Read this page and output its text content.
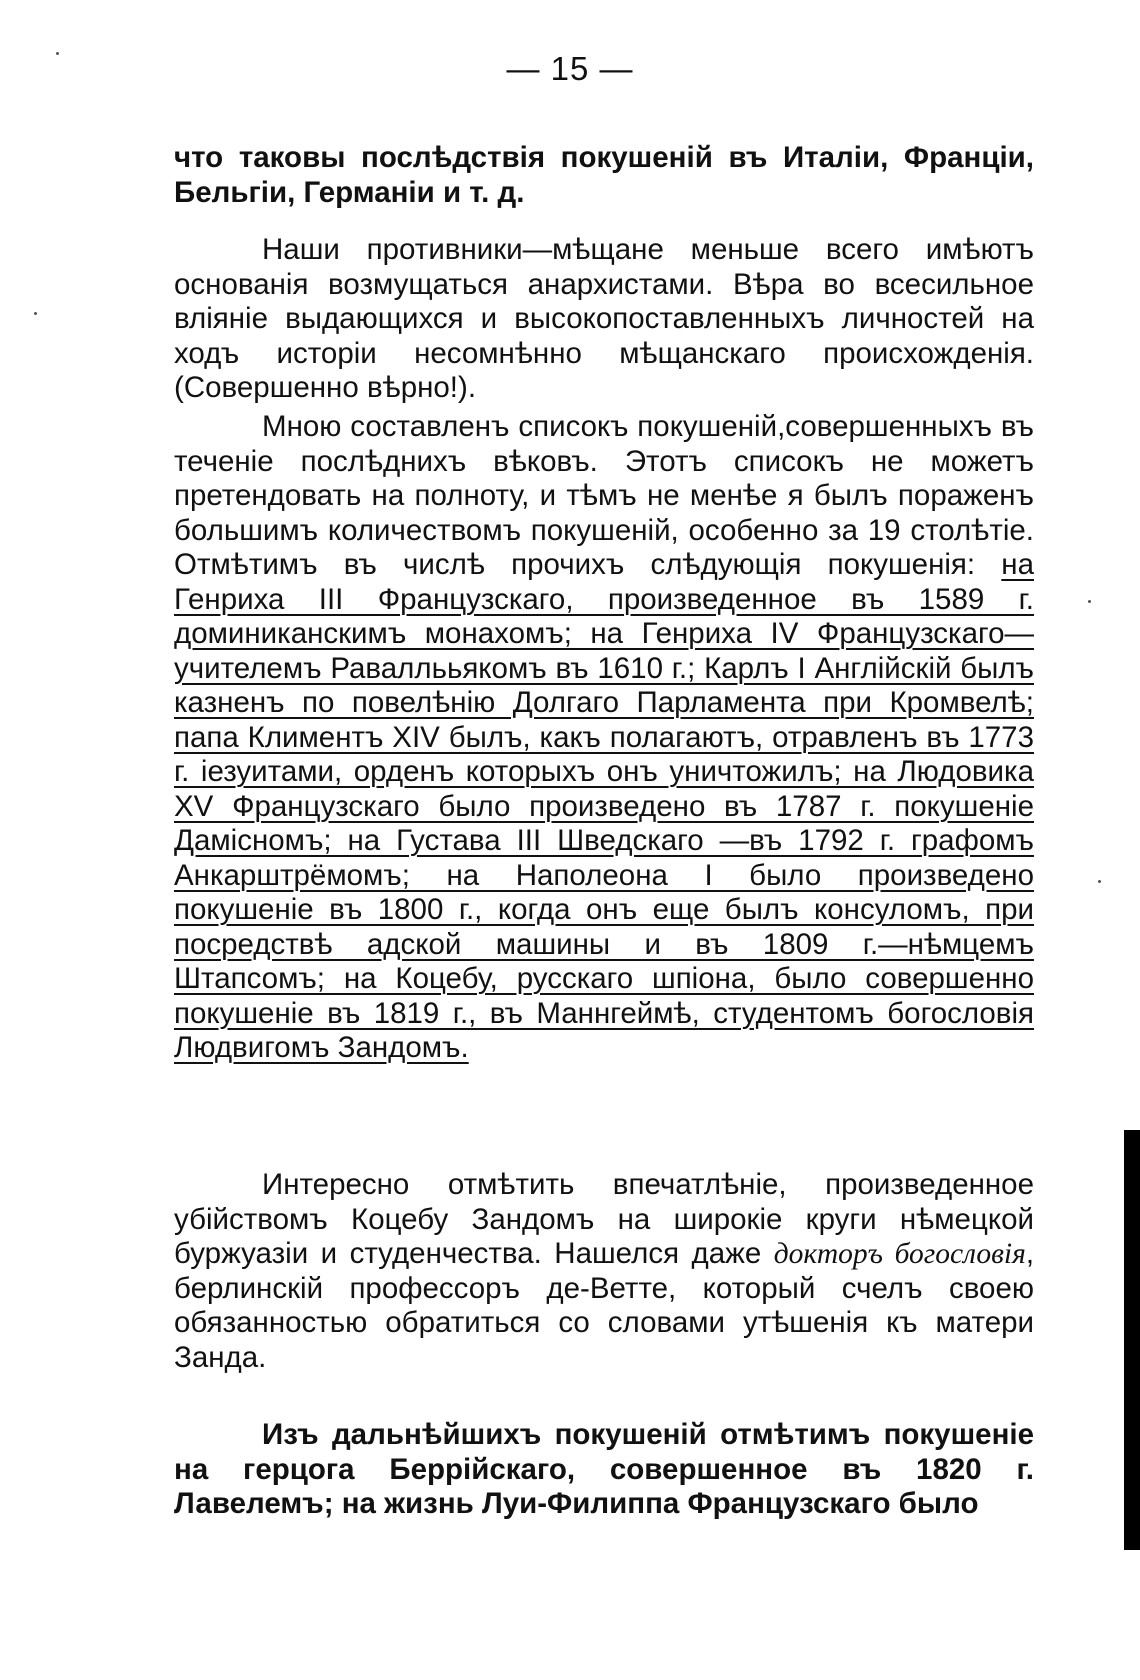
— 15 —

что таковы послѣдствія покушеній въ Италіи, Франціи, Бельгіи, Германіи и т. д.

Наши противники—мѣщане меньше всего имѣютъ основанія возмущаться анархистами. Вѣра во всесильное вліяніе выдающихся и высокопоставленныхъ личностей на ходъ исторіи несомнѣнно мѣщанскаго происхожденія. (Совершенно вѣрно!).

Мною составленъ списокъ покушеній,совершенныхъ въ теченіе послѣднихъ вѣковъ. Этотъ списокъ не можетъ претендовать на полноту, и тѣмъ не менѣе я былъ пораженъ большимъ количествомъ покушеній, особенно за 19 столѣтіе. Отмѣтимъ въ числѣ прочихъ слѣдующія покушенія: на Генриха III Французскаго, произведенное въ 1589 г. доминиканскимъ монахомъ; на Генриха IV Французскаго—учителемъ Раваллььякомъ въ 1610 г.; Карлъ I Англійскій былъ казненъ по повелѣнію Долгаго Парламента при Кромвелѣ; папа Климентъ XIV былъ, какъ полагаютъ, отравленъ въ 1773 г. іезуитами, орденъ которыхъ онъ уничтожилъ; на Людовика XV Французскаго было произведено въ 1787 г. покушеніе Дамісномъ; на Густава III Шведскаго —въ 1792 г. графомъ Анкарштрёмомъ; на Наполеона I было произведено покушеніе въ 1800 г., когда онъ еще былъ консуломъ, при посредствѣ адской машины и въ 1809 г.—нѣмцемъ Штапсомъ; на Коцебу, русскаго шпіона, было совершенно покушеніе въ 1819 г., въ Маннгеймѣ, студентомъ богословія Людвигомъ Зандомъ.

Интересно отмѣтить впечатлѣніе, произведенное убійствомъ Коцебу Зандомъ на широкіе круги нѣмецкой буржуазіи и студенчества. Нашелся даже докторъ богословія, берлинскій профессоръ де-Ветте, который счелъ своею обязанностью обратиться со словами утѣшенія къ матери Занда.

Изъ дальнѣйшихъ покушеній отмѣтимъ покушеніе на герцога Беррійскаго, совершенное въ 1820 г. Лавелемъ; на жизнь Луи-Филиппа Французскаго было
